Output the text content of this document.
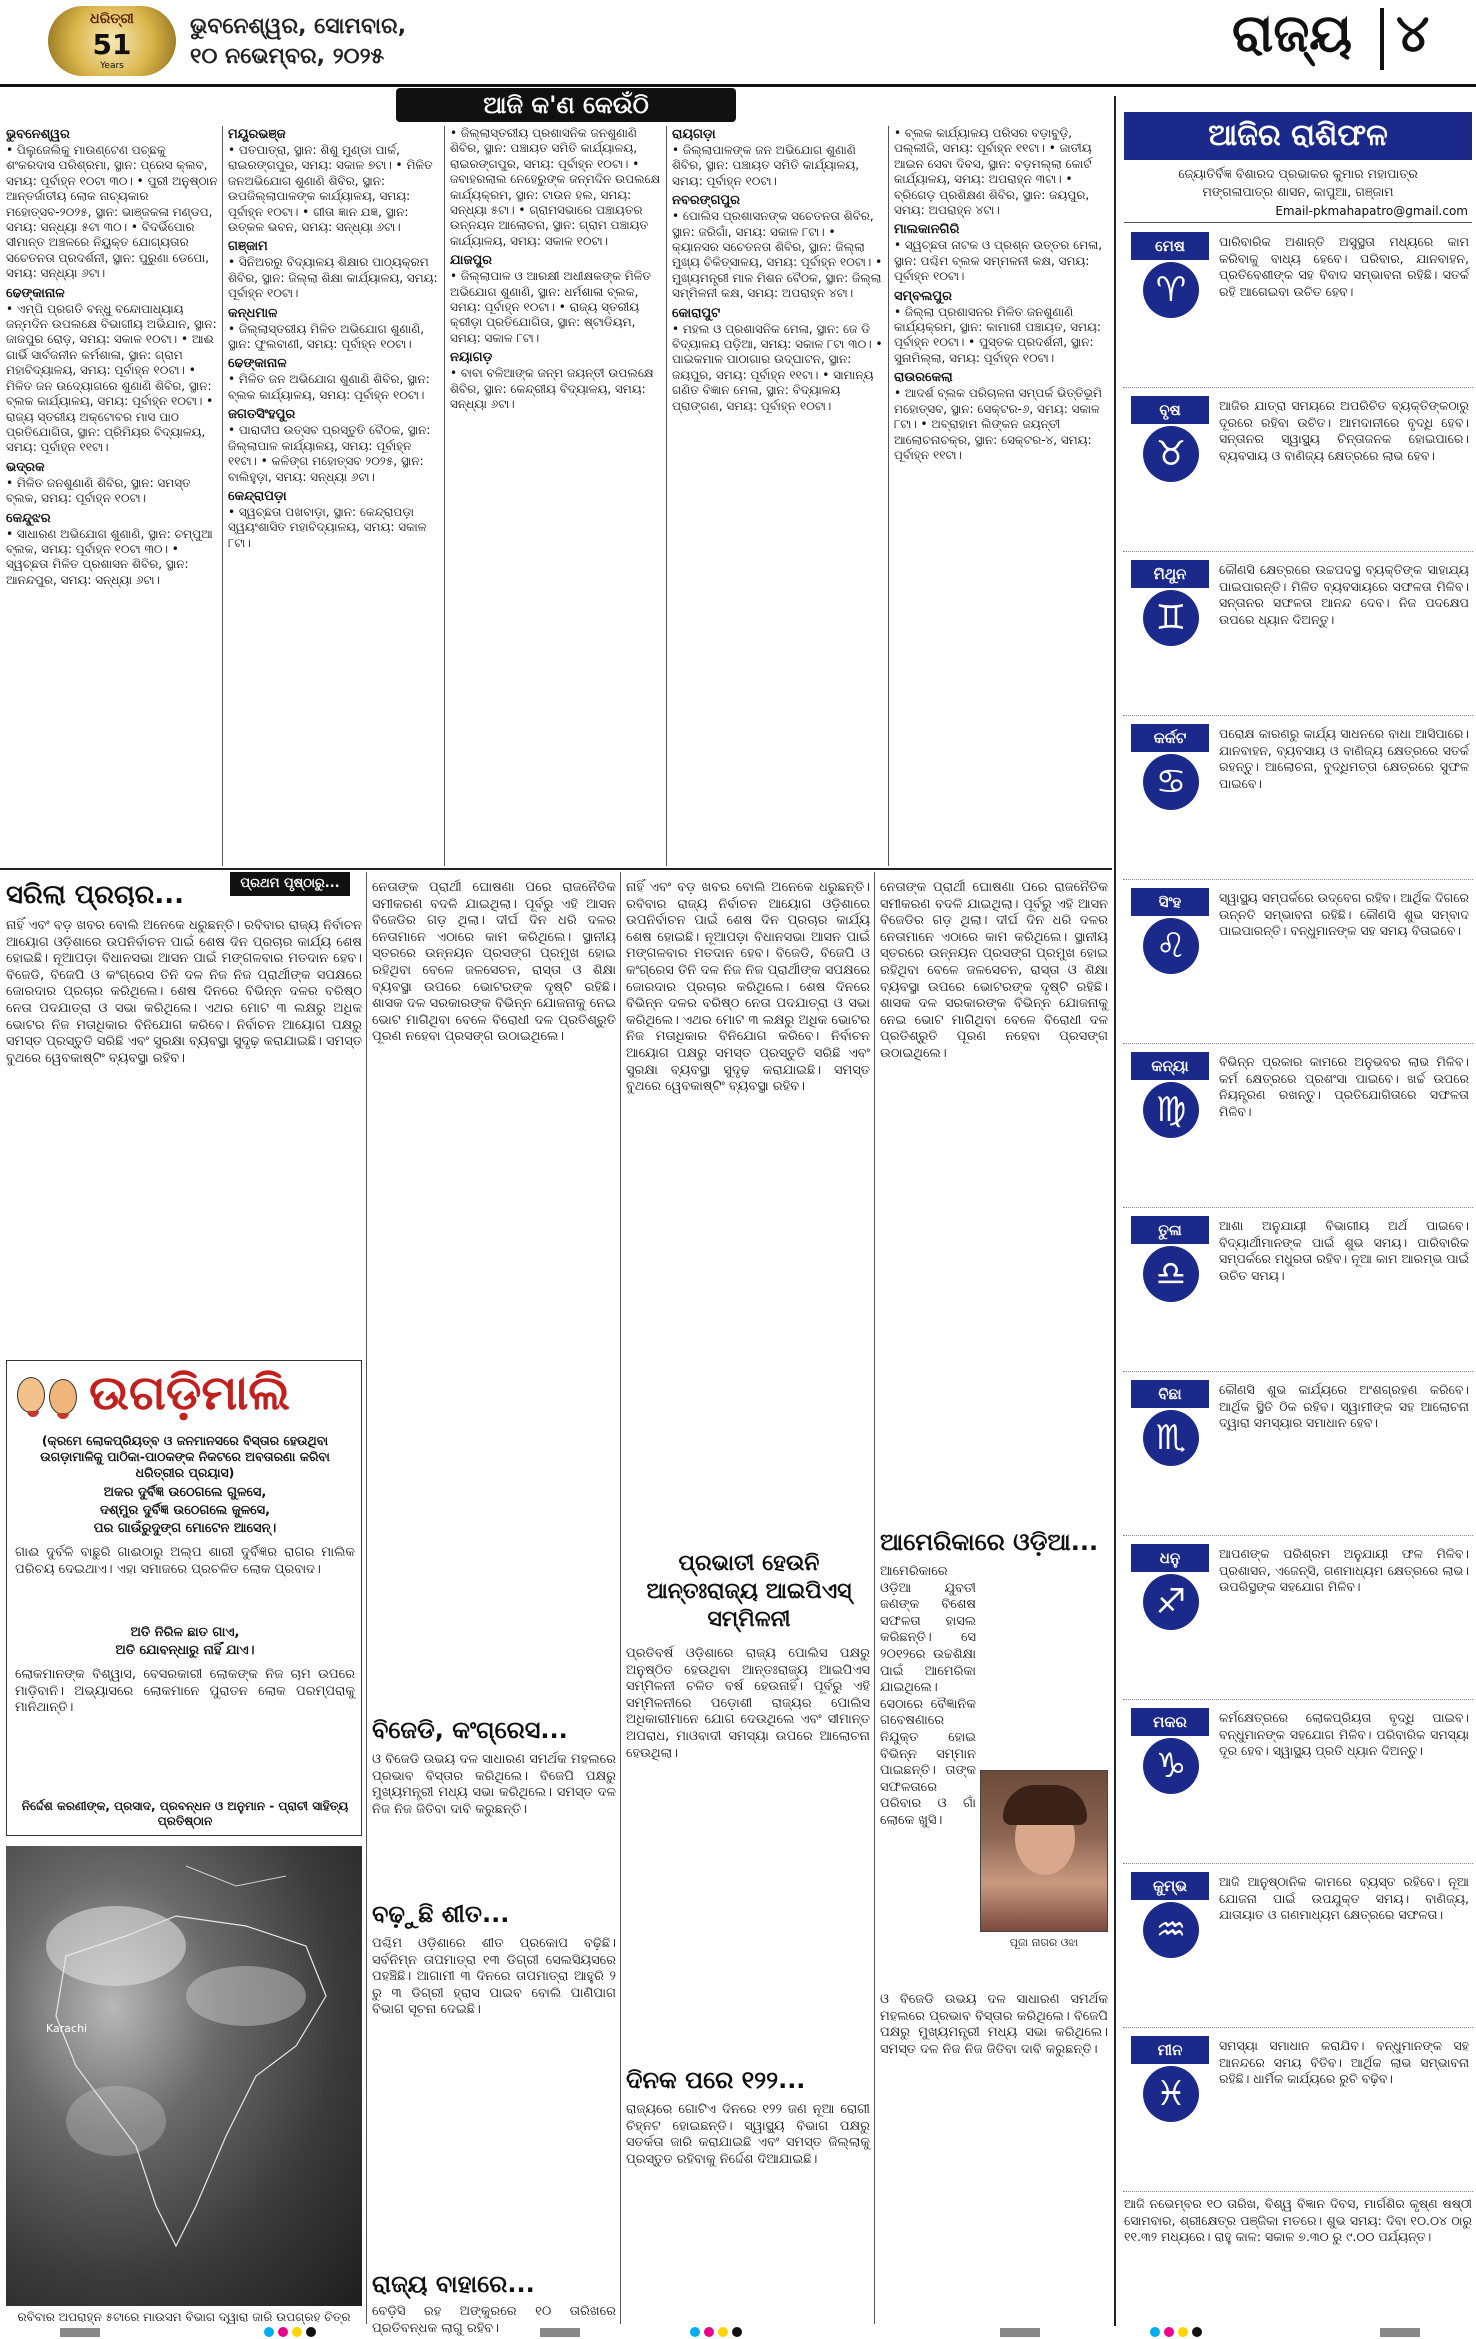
ଧରିତ୍ରୀ
51
Years
ଭୁବନେଶ୍ୱର, ସୋମବାର,
୧୦ ନଭେମ୍ବର, ୨୦୨୫	ରାଜ୍ୟ ୪
ଆଜି କ'ଣ କେଉଁଠି
ଭୁବନେଶ୍ୱର
• ପିଲୁଜେଲିକୁ ମାଉଣ୍ଟେଣ ପଚ୍ଛକୁ ଶଂକରଦାସ ପରିଶ୍ରମା, ସ୍ଥାନ: ପ୍ରେସ କ୍ଲବ, ସମୟ: ପୂର୍ବାହ୍ନ ୧୦ଟା ୩୦। • ପୁରୀ ଅନୁଷ୍ଠାନ ଆନ୍ତର୍ଜାତୀୟ ଲୋକ ନାଚ୍ୟକାର ମହୋତ୍ସବ-୨୦୨୫, ସ୍ଥାନ: ଭାଞ୍ଜକଳା ମଣ୍ଡପ, ସମୟ: ସନ୍ଧ୍ୟା ୫ଟା ୩୦। • ବିଦର୍ଭିପୋର ସୀମାନ୍ତ ଅଞ୍ଚଳରେ ନିୟୁକ୍ତ ଯୋଗ୍ୟତାର ସଚେତନତା ପ୍ରଦର୍ଶନୀ, ସ୍ଥାନ: ପୁରୁଣା ଡେପୋ, ସମୟ: ସନ୍ଧ୍ୟା ୬ଟା।
ଢେଙ୍କାନାଳ
• ଏମ୍ପି ପ୍ରଗତି ବନ୍ଧୁ ବନ୍ଦୋପାଧ୍ୟାୟ ଜନ୍ମଦିନ ଉପଲକ୍ଷେ ବିଭାଗୀୟ ଅଭିଯାନ, ସ୍ଥାନ: ଜାଜପୁର ରୋଡ଼, ସମୟ: ସକାଳ ୧୦ଟା। • ଆଈ ଗାର୍ଭି ସାର୍ବଜନୀନ କର୍ମଶାଳା, ସ୍ଥାନ: ଗ୍ରାମ ମହାବିଦ୍ୟାଳୟ, ସମୟ: ପୂର୍ବାହ୍ନ ୧୦ଟା। • ମିଳିତ ଜନ ଉଦ୍ୟୋଗରେ ଶୁଣାଣି ଶିବିର, ସ୍ଥାନ: ବ୍ଲକ କାର୍ଯ୍ୟାଳୟ, ସମୟ: ପୂର୍ବାହ୍ନ ୧୦ଟା। • ରାଜ୍ୟ ସ୍ତରୀୟ ଅକ୍ଟୋବର ମାସ ପାଠ ପ୍ରତିଯୋଗିତା, ସ୍ଥାନ: ପ୍ରିମିୟର ବିଦ୍ୟାଳୟ, ସମୟ: ପୂର୍ବାହ୍ନ ୧୧ଟା।
ଭଦ୍ରକ
• ମିଳିତ ଜନଶୁଣାଣି ଶିବିର, ସ୍ଥାନ: ସମସ୍ତ ବ୍ଲକ, ସମୟ: ପୂର୍ବାହ୍ନ ୧୦ଟା।
କେନ୍ଦୁଝର
• ସାଧାରଣ ଅଭିଯୋଗ ଶୁଣାଣି, ସ୍ଥାନ: ଚମ୍ପୁଆ ବ୍ଲକ, ସମୟ: ପୂର୍ବାହ୍ନ ୧୦ଟା ୩୦। • ସ୍ୱଚ୍ଛତା ମିଳିତ ପ୍ରଶାସନ ଶିବିର, ସ୍ଥାନ: ଆନନ୍ଦପୁର, ସମୟ: ସନ୍ଧ୍ୟା ୬ଟା।
ମୟୂରଭଞ୍ଜ
• ପତପାତ୍ରା, ସ୍ଥାନ: ଶିଶୁ ମୁଣ୍ଡା ପାର୍କ, ରାଇରଙ୍ଗପୁର, ସମୟ: ସକାଳ ୭ଟା। • ମିଳିତ ଜନଅଭିଯୋଗ ଶୁଣାଣି ଶିବିର, ସ୍ଥାନ: ଉପଜିଲ୍ଲାପାଳଙ୍କ କାର୍ଯ୍ୟାଳୟ, ସମୟ: ପୂର୍ବାହ୍ନ ୧୦ଟା। • ଗୀତା ଜ୍ଞାନ ଯଜ୍ଞ, ସ୍ଥାନ: ଉତ୍କଳ ଭବନ, ସମୟ: ସନ୍ଧ୍ୟା ୬ଟା।
ଗଞ୍ଜାମ
• ସିନିଅରରୁ ବିଦ୍ୟାଳୟ ଶିକ୍ଷାର ପାଠ୍ୟକ୍ରମ ଶିବିର, ସ୍ଥାନ: ଜିଲ୍ଲା ଶିକ୍ଷା କାର୍ଯ୍ୟାଳୟ, ସମୟ: ପୂର୍ବାହ୍ନ ୧୦ଟା।
କନ୍ଧମାଳ
• ଜିଲ୍ଲାସ୍ତରୀୟ ମିଳିତ ଅଭିଯୋଗ ଶୁଣାଣି, ସ୍ଥାନ: ଫୁଲବାଣୀ, ସମୟ: ପୂର୍ବାହ୍ନ ୧୦ଟା।
ଢେଙ୍କାନାଳ
• ମିଳିତ ଜନ ଅଭିଯୋଗ ଶୁଣାଣି ଶିବିର, ସ୍ଥାନ: ବ୍ଲକ କାର୍ଯ୍ୟାଳୟ, ସମୟ: ପୂର୍ବାହ୍ନ ୧୦ଟା।
ଜଗତସିଂହପୁର
• ପାରାଦୀପ ଉତ୍ସବ ପ୍ରସ୍ତୁତି ବୈଠକ, ସ୍ଥାନ: ଜିଲ୍ଲାପାଳ କାର୍ଯ୍ୟାଳୟ, ସମୟ: ପୂର୍ବାହ୍ନ ୧୧ଟା। • କଳିଙ୍ଗ ମହୋତ୍ସବ ୨୦୨୫, ସ୍ଥାନ: ବାଲିହୁଡ଼ା, ସମୟ: ସନ୍ଧ୍ୟା ୬ଟା।
କେନ୍ଦ୍ରାପଡ଼ା
• ସ୍ୱଚ୍ଛତା ପଖବାଡ଼ା, ସ୍ଥାନ: କେନ୍ଦ୍ରାପଡ଼ା ସ୍ୱୟଂଶାସିତ ମହାବିଦ୍ୟାଳୟ, ସମୟ: ସକାଳ ୮ଟା।
• ଜିଲ୍ଲାସ୍ତରୀୟ ପ୍ରଶାସନିକ ଜନଶୁଣାଣି ଶିବିର, ସ୍ଥାନ: ପଞ୍ଚାୟତ ସମିତି କାର୍ଯ୍ୟାଳୟ, ରାଇରଙ୍ଗପୁର, ସମୟ: ପୂର୍ବାହ୍ନ ୧୦ଟା। • ଜବାହରଲାଲ ନେହେରୁଙ୍କ ଜନ୍ମଦିନ ଉପଲକ୍ଷେ କାର୍ଯ୍ୟକ୍ରମ, ସ୍ଥାନ: ଟାଉନ ହଲ, ସମୟ: ସନ୍ଧ୍ୟା ୫ଟା। • ଗ୍ରାମସଭାରେ ପଞ୍ଚାୟତର ଉନ୍ନୟନ ଆଲୋଚନା, ସ୍ଥାନ: ଗ୍ରାମ ପଞ୍ଚାୟତ କାର୍ଯ୍ୟାଳୟ, ସମୟ: ସକାଳ ୧୦ଟା।
ଯାଜପୁର
• ଜିଲ୍ଲାପାଳ ଓ ଆରକ୍ଷୀ ଅଧୀକ୍ଷକଙ୍କ ମିଳିତ ଅଭିଯୋଗ ଶୁଣାଣି, ସ୍ଥାନ: ଧର୍ମଶାଳା ବ୍ଲକ, ସମୟ: ପୂର୍ବାହ୍ନ ୧୦ଟା। • ରାଜ୍ୟ ସ୍ତରୀୟ କ୍ରୀଡ଼ା ପ୍ରତିଯୋଗିତା, ସ୍ଥାନ: ଷ୍ଟାଡିୟମ, ସମୟ: ସକାଳ ୮ଟା।
ନୟାଗଡ଼
• ବାବା ବଳିଆଙ୍କ ଜନ୍ମ ଜୟନ୍ତୀ ଉପଲକ୍ଷେ ଶିବିର, ସ୍ଥାନ: କେନ୍ଦ୍ରୀୟ ବିଦ୍ୟାଳୟ, ସମୟ: ସନ୍ଧ୍ୟା ୬ଟା।
ରାୟଗଡ଼ା
• ଜିଲ୍ଲାପାଳଙ୍କ ଜନ ଅଭିଯୋଗ ଶୁଣାଣି ଶିବିର, ସ୍ଥାନ: ପଞ୍ଚାୟତ ସମିତି କାର୍ଯ୍ୟାଳୟ, ସମୟ: ପୂର୍ବାହ୍ନ ୧୦ଟା।
ନବରଙ୍ଗପୁର
• ପୋଲିସ ପ୍ରଶାସନଙ୍କ ସଚେତନତା ଶିବିର, ସ୍ଥାନ: ଜରିଗାଁ, ସମୟ: ସକାଳ ୮ଟା। • କ୍ୟାନସର ସଚେତନତା ଶିବିର, ସ୍ଥାନ: ଜିଲ୍ଲା ମୁଖ୍ୟ ଚିକିତ୍ସାଳୟ, ସମୟ: ପୂର୍ବାହ୍ନ ୧୦ଟା। • ମୁଖ୍ୟମନ୍ତ୍ରୀ ମାଳ ମିଶନ ବୈଠକ, ସ୍ଥାନ: ଜିଲ୍ଲା ସମ୍ମିଳନୀ କକ୍ଷ, ସମୟ: ଅପରାହ୍ନ ୪ଟା।
କୋରାପୁଟ
• ମହଲ ଓ ପ୍ରଶାସନିକ ମେଳା, ସ୍ଥାନ: ଜେ ଡି ବିଦ୍ୟାଳୟ ପଡ଼ିଆ, ସମୟ: ସକାଳ ୮ଟା ୩୦। • ପାଇକମାଳ ପାଠାଗାର ଉଦ୍‌ଘାଟନ, ସ୍ଥାନ: ଜୟପୁର, ସମୟ: ପୂର୍ବାହ୍ନ ୧୧ଟା। • ସାମାନ୍ୟ ଗଣିତ ବିଜ୍ଞାନ ମେଳା, ସ୍ଥାନ: ବିଦ୍ୟାଳୟ ପ୍ରାଙ୍ଗଣ, ସମୟ: ପୂର୍ବାହ୍ନ ୧୦ଟା।
• ବ୍ଲକ କାର୍ଯ୍ୟାଳୟ ପରିସର ବଡ଼ାବୁଡ଼ି, ପଲ୍ଲୀଜି, ସମୟ: ପୂର୍ବାହ୍ନ ୧୧ଟା। • ଜାତୀୟ ଆଇନ ସେବା ଦିବସ, ସ୍ଥାନ: ବଡ଼ମଲ୍ଲା କୋର୍ଟ କାର୍ଯ୍ୟାଳୟ, ସମୟ: ଅପରାହ୍ନ ୩ଟା। • ବ୍ରିଗେଡ଼ ପ୍ରଶିକ୍ଷଣ ଶିବିର, ସ୍ଥାନ: ଜୟପୁର, ସମୟ: ଅପରାହ୍ନ ୪ଟା।
ମାଲକାନଗିରି
• ସ୍ୱଚ୍ଛତା ନାଟକ ଓ ପ୍ରଶ୍ନ ଉତ୍ତର ମେଳା, ସ୍ଥାନ: ପଶ୍ଚିମ ବ୍ଲକ ସମ୍ମଳନୀ କକ୍ଷ, ସମୟ: ପୂର୍ବାହ୍ନ ୧୦ଟା।
ସମ୍ବଲପୁର
• ଜିଲ୍ଲା ପ୍ରଶାସନର ମିଳିତ ଜନଶୁଣାଣି କାର୍ଯ୍ୟକ୍ରମ, ସ୍ଥାନ: କାମାରୀ ପଞ୍ଚାୟତ, ସମୟ: ପୂର୍ବାହ୍ନ ୧୦ଟା। • ପୁସ୍ତକ ପ୍ରଦର୍ଶନୀ, ସ୍ଥାନ: ସୁନାମିଲ୍ଲା, ସମୟ: ପୂର୍ବାହ୍ନ ୧୦ଟା।
ରାଉରକେଲା
• ଆଦର୍ଶ ବ୍ଲକ ପରିଚାଳନା ସମ୍ପର୍କ ଭିତ୍ତିଭୂମି ମହୋତ୍ସବ, ସ୍ଥାନ: ସେକ୍ଟର-୬, ସମୟ: ସକାଳ ୮ଟା। • ଅବ୍ରାହାମ ଲିଙ୍କନ ଜୟନ୍ତୀ ଆଲୋଚନାଚକ୍ର, ସ୍ଥାନ: ସେକ୍ଟର-୪, ସମୟ: ପୂର୍ବାହ୍ନ ୧୧ଟା।
ଆଜିର ରାଶିଫଳ
ଜ୍ୟୋତିର୍ବିଜ୍ଞ ବିଶାରଦ ପ୍ରଭାକର କୁମାର ମହାପାତ୍ର
ମଙ୍ଗଳାପାତ୍ର ଶାସନ, କାପୁଆ, ଗଞ୍ଜାମ
Email-pkmahapatro@gmail.com
ମେଷ
♈
ପାରିବାରିକ ଅଶାନ୍ତି ଅସୁସ୍ଥତା ମଧ୍ୟରେ କାମ କରିବାକୁ ବାଧ୍ୟ ହେବେ। ପରିବାର, ଯାନବାହନ, ପ୍ରତିବେଶୀଙ୍କ ସହ ବିବାଦ ସମ୍ଭାବନା ରହିଛି। ସତର୍କ ରହି ଆଗେଇବା ଉଚିତ ହେବ।
ବୃଷ
♉
ଆଜିର ଯାତ୍ରା ସମୟରେ ଅପରିଚିତ ବ୍ୟକ୍ତିଙ୍କଠାରୁ ଦୂରରେ ରହିବା ଉଚିତ। ଆମଦାନୀରେ ବୃଦ୍ଧି ହେବ। ସନ୍ତାନର ସ୍ୱାସ୍ଥ୍ୟ ଚିନ୍ତାଜନକ ହୋଇପାରେ। ବ୍ୟବସାୟ ଓ ବାଣିଜ୍ୟ କ୍ଷେତ୍ରରେ ଲାଭ ହେବ।
ମିଥୁନ
♊
କୌଣସି କ୍ଷେତ୍ରରେ ଉଚ୍ଚପଦସ୍ଥ ବ୍ୟକ୍ତିଙ୍କ ସାହାଯ୍ୟ ପାଇପାରନ୍ତି। ମିଳିତ ବ୍ୟବସାୟରେ ସଫଳତା ମିଳିବ। ସନ୍ତାନର ସଫଳତା ଆନନ୍ଦ ଦେବ। ନିଜ ପଦକ୍ଷେପ ଉପରେ ଧ୍ୟାନ ଦିଅନ୍ତୁ।
କର୍କଟ
♋
ପରୋକ୍ଷ କାରଣରୁ କାର୍ଯ୍ୟ ସାଧନରେ ବାଧା ଆସିପାରେ। ଯାନବାହନ, ବ୍ୟବସାୟ ଓ ବାଣିଜ୍ୟ କ୍ଷେତ୍ରରେ ସତର୍କ ରହନ୍ତୁ। ଆଲୋଚନା, ବୁଦ୍ଧିମତ୍ତା କ୍ଷେତ୍ରରେ ସୁଫଳ ପାଇବେ।
ସିଂହ
♌
ସ୍ୱାସ୍ଥ୍ୟ ସମ୍ପର୍କରେ ଉଦ୍ବେଗ ରହିବ। ଆର୍ଥିକ ଦିଗରେ ଉନ୍ନତି ସମ୍ଭାବନା ରହିଛି। କୌଣସି ଶୁଭ ସମ୍ବାଦ ପାଇପାରନ୍ତି। ବନ୍ଧୁମାନଙ୍କ ସହ ସମୟ ବିତାଇବେ।
କନ୍ୟା
♍
ବିଭିନ୍ନ ପ୍ରକାର କାମରେ ଅନୁଭବର ଲାଭ ମିଳିବ। କର୍ମ କ୍ଷେତ୍ରରେ ପ୍ରଶଂସା ପାଇବେ। ଖର୍ଚ୍ଚ ଉପରେ ନିୟନ୍ତ୍ରଣ ରଖନ୍ତୁ। ପ୍ରତିଯୋଗିତାରେ ସଫଳତା ମିଳିବ।
ତୁଳା
♎
ଆଶା ଅନୁଯାୟୀ ବିଭାଗୀୟ ଅର୍ଥ ପାଇବେ। ବିଦ୍ୟାର୍ଥୀମାନଙ୍କ ପାଇଁ ଶୁଭ ସମୟ। ପାରିବାରିକ ସମ୍ପର୍କରେ ମଧୁରତା ରହିବ। ନୂଆ କାମ ଆରମ୍ଭ ପାଇଁ ଉଚିତ ସମୟ।
ବିଛା
♏
କୌଣସି ଶୁଭ କାର୍ଯ୍ୟରେ ଅଂଶଗ୍ରହଣ କରିବେ। ଆର୍ଥିକ ସ୍ଥିତି ଠିକ ରହିବ। ସ୍ୱାମୀଙ୍କ ସହ ଆଲୋଚନା ଦ୍ୱାରା ସମସ୍ୟାର ସମାଧାନ ହେବ।
ଧନୁ
♐
ଆପଣଙ୍କ ପରିଶ୍ରମ ଅନୁଯାୟୀ ଫଳ ମିଳିବ। ପ୍ରଶାସନ, ଏଜେନ୍ସି, ଗଣମାଧ୍ୟମ କ୍ଷେତ୍ରରେ ଲାଭ। ଉପରିସ୍ଥଙ୍କ ସହଯୋଗ ମିଳିବ।
ମକର
♑
କର୍ମକ୍ଷେତ୍ରରେ ଲୋକପ୍ରିୟତା ବୃଦ୍ଧି ପାଇବ। ବନ୍ଧୁମାନଙ୍କ ସହଯୋଗ ମିଳିବ। ପରିବାରିକ ସମସ୍ୟା ଦୂର ହେବ। ସ୍ୱାସ୍ଥ୍ୟ ପ୍ରତି ଧ୍ୟାନ ଦିଅନ୍ତୁ।
କୁମ୍ଭ
♒
ଆଜି ଆନୁଷ୍ଠାନିକ କାମରେ ବ୍ୟସ୍ତ ରହିବେ। ନୂଆ ଯୋଜନା ପାଇଁ ଉପଯୁକ୍ତ ସମୟ। ବାଣିଜ୍ୟ, ଯାତାୟାତ ଓ ଗଣମାଧ୍ୟମ କ୍ଷେତ୍ରରେ ସଫଳତା।
ମୀନ
♓
ସମସ୍ୟା ସମାଧାନ କରାଯିବ। ବନ୍ଧୁମାନଙ୍କ ସହ ଆନନ୍ଦରେ ସମୟ ବିତିବ। ଆର୍ଥିକ ଲାଭ ସମ୍ଭାବନା ରହିଛି। ଧାର୍ମିକ କାର୍ଯ୍ୟରେ ରୁଚି ବଢ଼ିବ।
ଆଜି ନଭେମ୍ବର ୧୦ ତାରିଖ, ବିଶ୍ୱ ବିଜ୍ଞାନ ଦିବସ, ମାର୍ଗଶିର କୃଷ୍ଣ ଷଷ୍ଠୀ ସୋମବାର, ଶ୍ରୀକ୍ଷେତ୍ର ପଞ୍ଜିକା ମତରେ। ଶୁଭ ସମୟ: ଦିବା ୧୦.୦୪ ଠାରୁ ୧୧.୩୨ ମଧ୍ୟରେ। ରାହୁ କାଳ: ସକାଳ ୭.୩୦ ରୁ ୯.୦୦ ପର୍ଯ୍ୟନ୍ତ।
ସରିଲା ପ୍ରଚାର...
ନାହିଁ ଏବଂ ବଡ଼ ଖବର ବୋଲି ଅନେକେ ଧରୁଛନ୍ତି। ରବିବାର ରାଜ୍ୟ ନିର୍ବାଚନ ଆୟୋଗ ଓଡ଼ିଶାରେ ଉପନିର୍ବାଚନ ପାଇଁ ଶେଷ ଦିନ ପ୍ରଚାର କାର୍ଯ୍ୟ ଶେଷ ହୋଇଛି। ନୂଆପଡ଼ା ବିଧାନସଭା ଆସନ ପାଇଁ ମଙ୍ଗଳବାର ମତଦାନ ହେବ। ବିଜେଡି, ବିଜେପି ଓ କଂଗ୍ରେସ ତିନି ଦଳ ନିଜ ନିଜ ପ୍ରାର୍ଥୀଙ୍କ ସପକ୍ଷରେ ଜୋରଦାର ପ୍ରଚାର କରିଥିଲେ। ଶେଷ ଦିନରେ ବିଭିନ୍ନ ଦଳର ବରିଷ୍ଠ ନେତା ପଦଯାତ୍ରା ଓ ସଭା କରିଥିଲେ। ଏଥର ମୋଟ ୩ ଲକ୍ଷରୁ ଅଧିକ ଭୋଟର ନିଜ ମତାଧିକାର ବିନିଯୋଗ କରିବେ। ନିର୍ବାଚନ ଆୟୋଗ ପକ୍ଷରୁ ସମସ୍ତ ପ୍ରସ୍ତୁତି ସରିଛି ଏବଂ ସୁରକ୍ଷା ବ୍ୟବସ୍ଥା ସୁଦୃଢ଼ କରାଯାଇଛି। ସମସ୍ତ ବୁଥରେ ୱେବକାଷ୍ଟିଂ ବ୍ୟବସ୍ଥା ରହିବ।
ପ୍ରଥମ ପୃଷ୍ଠାରୁ...
ଉଗଡ଼ିମାଲି
(କ୍ରମେ ଲୋକପ୍ରିୟତ୍ବ ଓ ଜନମାନସରେ ବିସ୍ତାର ହେଉଥିବା ଉଗଡ଼ାମାଳିକୁ ପାଠିକା-ପାଠକଙ୍କ ନିକଟରେ ଅବତାରଣା କରିବା ଧରିତ୍ରୀର ପ୍ରୟାସ)
ଅକର ଦୁର୍ବିଜ୍ଞ ଉଠେଗଲେ ଗୁଳସେ,
ଦଶ୍ମୁର ଦୁର୍ବିଜ୍ଞ ଉଠେଗଲେ ଜୁଳସେ,
ପର ଗାଉଁରୁଦୁଙ୍ଗ ମୋଟେନ ଆସେନ୍।
ଗାଈ ଦୁର୍ବଳି ବାଛୁରି ଗାଈଠାରୁ ଅଲ୍ପ ଶାରୀ ଦୁର୍ବିଜ୍ଞର ରାଗର ମାଲିକ ପରିଚୟ ଦେଇଥାଏ। ଏହା ସମାଜରେ ପ୍ରଚଳିତ ଲୋକ ପ୍ରବାଦ।
ଅତି ନିରିଳ ଛାତ ଗାଏ,
ଅତି ଯୋବନ୍ଧାରୁ ନାହିଁ ଯାଏ।
ଲୋକମାନଙ୍କ ବିଶ୍ୱାସ, ବେସରକାରୀ ଲୋକଙ୍କ ନିଜ ଚାମ ଉପରେ ମାଡ଼ିବାନି। ଅଭ୍ୟାସରେ ଲୋକମାନେ ପୁରାତନ ଲୋକ ପରମ୍ପରାକୁ ମାନିଥାନ୍ତି।
ନିର୍ଦ୍ଦେଶ କରଣୀଙ୍କ, ପ୍ରସାଦ, ପ୍ରବନ୍ଧନ ଓ ଅନୁମାନ - ପ୍ରାଚୀ ସାହିତ୍ୟ ପ୍ରତିଷ୍ଠାନ
Karachi
ରବିବାର ଅପରାହ୍ନ ୫ଟାରେ ମାଉସମ ବିଭାଗ ଦ୍ୱାରା ଜାରି ଉପଗ୍ରହ ଚିତ୍ର
ନେତାଙ୍କ ପ୍ରାର୍ଥୀ ଘୋଷଣା ପରେ ରାଜନୈତିକ ସମୀକରଣ ବଦଳି ଯାଇଥିଲା। ପୂର୍ବରୁ ଏହି ଆସନ ବିଜେଡିର ଗଡ଼ ଥିଲା। ଦୀର୍ଘ ଦିନ ଧରି ଦଳର ନେତାମାନେ ଏଠାରେ କାମ କରିଥିଲେ। ସ୍ଥାନୀୟ ସ୍ତରରେ ଉନ୍ନୟନ ପ୍ରସଙ୍ଗ ପ୍ରମୁଖ ହୋଇ ରହିଥିବା ବେଳେ ଜଳସେଚନ, ରାସ୍ତା ଓ ଶିକ୍ଷା ବ୍ୟବସ୍ଥା ଉପରେ ଭୋଟରଙ୍କ ଦୃଷ୍ଟି ରହିଛି। ଶାସକ ଦଳ ସରକାରଙ୍କ ବିଭିନ୍ନ ଯୋଜନାକୁ ନେଇ ଭୋଟ ମାଗିଥିବା ବେଳେ ବିରୋଧୀ ଦଳ ପ୍ରତିଶ୍ରୁତି ପୂରଣ ନହେବା ପ୍ରସଙ୍ଗ ଉଠାଇଥିଲେ।
ବିଜେଡି, କଂଗ୍ରେସ...
ଓ ବିଜେଡି ଉଭୟ ଦଳ ସାଧାରଣ ସମର୍ଥକ ମହଲରେ ପ୍ରଭାବ ବିସ୍ତାର କରିଥିଲେ। ବିଜେପି ପକ୍ଷରୁ ମୁଖ୍ୟମନ୍ତ୍ରୀ ମଧ୍ୟ ସଭା କରିଥିଲେ। ସମସ୍ତ ଦଳ ନିଜ ନିଜ ଜିତିବା ଦାବି କରୁଛନ୍ତି।
ବଢ଼ୁଛି ଶୀତ...
ପଶ୍ଚିମ ଓଡ଼ିଶାରେ ଶୀତ ପ୍ରକୋପ ବଢ଼ିଛି। ସର୍ବନିମ୍ନ ତାପମାତ୍ରା ୧୩ ଡିଗ୍ରୀ ସେଲସିୟସରେ ପହଞ୍ଚିଛି। ଆଗାମୀ ୩ ଦିନରେ ତାପମାତ୍ରା ଆହୁରି ୨ ରୁ ୩ ଡିଗ୍ରୀ ହ୍ରାସ ପାଇବ ବୋଲି ପାଣିପାଗ ବିଭାଗ ସୂଚନା ଦେଇଛି।
ରାଜ୍ୟ ବାହାରେ...
ବେଡ଼ିସି ରହ ଅଙ୍କୁରରେ ୧୦ ତାରିଖରେ ପ୍ରତିବନ୍ଧକ ଲାଗୁ ରହିବ।
ନାହିଁ ଏବଂ ବଡ଼ ଖବର ବୋଲି ଅନେକେ ଧରୁଛନ୍ତି। ରବିବାର ରାଜ୍ୟ ନିର୍ବାଚନ ଆୟୋଗ ଓଡ଼ିଶାରେ ଉପନିର୍ବାଚନ ପାଇଁ ଶେଷ ଦିନ ପ୍ରଚାର କାର୍ଯ୍ୟ ଶେଷ ହୋଇଛି। ନୂଆପଡ଼ା ବିଧାନସଭା ଆସନ ପାଇଁ ମଙ୍ଗଳବାର ମତଦାନ ହେବ। ବିଜେଡି, ବିଜେପି ଓ କଂଗ୍ରେସ ତିନି ଦଳ ନିଜ ନିଜ ପ୍ରାର୍ଥୀଙ୍କ ସପକ୍ଷରେ ଜୋରଦାର ପ୍ରଚାର କରିଥିଲେ। ଶେଷ ଦିନରେ ବିଭିନ୍ନ ଦଳର ବରିଷ୍ଠ ନେତା ପଦଯାତ୍ରା ଓ ସଭା କରିଥିଲେ। ଏଥର ମୋଟ ୩ ଲକ୍ଷରୁ ଅଧିକ ଭୋଟର ନିଜ ମତାଧିକାର ବିନିଯୋଗ କରିବେ। ନିର୍ବାଚନ ଆୟୋଗ ପକ୍ଷରୁ ସମସ୍ତ ପ୍ରସ୍ତୁତି ସରିଛି ଏବଂ ସୁରକ୍ଷା ବ୍ୟବସ୍ଥା ସୁଦୃଢ଼ କରାଯାଇଛି। ସମସ୍ତ ବୁଥରେ ୱେବକାଷ୍ଟିଂ ବ୍ୟବସ୍ଥା ରହିବ।
ପ୍ରଭାତୀ ହେଉନି ଆନ୍ତଃରାଜ୍ୟ ଆଇପିଏସ୍ ସମ୍ମିଳନୀ
ପ୍ରତିବର୍ଷ ଓଡ଼ିଶାରେ ରାଜ୍ୟ ପୋଲିସ ପକ୍ଷରୁ ଅନୁଷ୍ଠିତ ହେଉଥିବା ଆନ୍ତଃରାଜ୍ୟ ଆଇପିଏସ ସମ୍ମିଳନୀ ଚଳିତ ବର୍ଷ ହେଉନାହିଁ। ପୂର୍ବରୁ ଏହି ସମ୍ମିଳନୀରେ ପଡ଼ୋଶୀ ରାଜ୍ୟର ପୋଲିସ ଅଧିକାରୀମାନେ ଯୋଗ ଦେଉଥିଲେ ଏବଂ ସୀମାନ୍ତ ଅପରାଧ, ମାଓବାଦୀ ସମସ୍ୟା ଉପରେ ଆଲୋଚନା ହେଉଥିଲା।
ଦିନକ ପରେ ୧୨୨...
ରାଜ୍ୟରେ ଗୋଟିଏ ଦିନରେ ୧୨୨ ଜଣ ନୂଆ ରୋଗୀ ଚିହ୍ନଟ ହୋଇଛନ୍ତି। ସ୍ୱାସ୍ଥ୍ୟ ବିଭାଗ ପକ୍ଷରୁ ସତର୍କତା ଜାରି କରାଯାଇଛି ଏବଂ ସମସ୍ତ ଜିଲ୍ଲାକୁ ପ୍ରସ୍ତୁତ ରହିବାକୁ ନିର୍ଦ୍ଦେଶ ଦିଆଯାଇଛି।
ନେତାଙ୍କ ପ୍ରାର୍ଥୀ ଘୋଷଣା ପରେ ରାଜନୈତିକ ସମୀକରଣ ବଦଳି ଯାଇଥିଲା। ପୂର୍ବରୁ ଏହି ଆସନ ବିଜେଡିର ଗଡ଼ ଥିଲା। ଦୀର୍ଘ ଦିନ ଧରି ଦଳର ନେତାମାନେ ଏଠାରେ କାମ କରିଥିଲେ। ସ୍ଥାନୀୟ ସ୍ତରରେ ଉନ୍ନୟନ ପ୍ରସଙ୍ଗ ପ୍ରମୁଖ ହୋଇ ରହିଥିବା ବେଳେ ଜଳସେଚନ, ରାସ୍ତା ଓ ଶିକ୍ଷା ବ୍ୟବସ୍ଥା ଉପରେ ଭୋଟରଙ୍କ ଦୃଷ୍ଟି ରହିଛି। ଶାସକ ଦଳ ସରକାରଙ୍କ ବିଭିନ୍ନ ଯୋଜନାକୁ ନେଇ ଭୋଟ ମାଗିଥିବା ବେଳେ ବିରୋଧୀ ଦଳ ପ୍ରତିଶ୍ରୁତି ପୂରଣ ନହେବା ପ୍ରସଙ୍ଗ ଉଠାଇଥିଲେ।
ଆମେରିକାରେ ଓଡ଼ିଆ...
ଆମେରିକାରେ ଓଡ଼ିଆ ଯୁବତୀ ଜଣଙ୍କ ବିଶେଷ ସଫଳତା ହାସଲ କରିଛନ୍ତି। ସେ ୨୦୧୨ରେ ଉଚ୍ଚଶିକ୍ଷା ପାଇଁ ଆମେରିକା ଯାଇଥିଲେ। ସେଠାରେ ବୈଜ୍ଞାନିକ ଗବେଷଣାରେ ନିଯୁକ୍ତ ହୋଇ ବିଭିନ୍ନ ସମ୍ମାନ ପାଇଛନ୍ତି। ତାଙ୍କ ସଫଳତାରେ ପରିବାର ଓ ଗାଁ ଲୋକେ ଖୁସି।
ପୂଜା ନାଗର ଓଝା
ଓ ବିଜେଡି ଉଭୟ ଦଳ ସାଧାରଣ ସମର୍ଥକ ମହଲରେ ପ୍ରଭାବ ବିସ୍ତାର କରିଥିଲେ। ବିଜେପି ପକ୍ଷରୁ ମୁଖ୍ୟମନ୍ତ୍ରୀ ମଧ୍ୟ ସଭା କରିଥିଲେ। ସମସ୍ତ ଦଳ ନିଜ ନିଜ ଜିତିବା ଦାବି କରୁଛନ୍ତି।
